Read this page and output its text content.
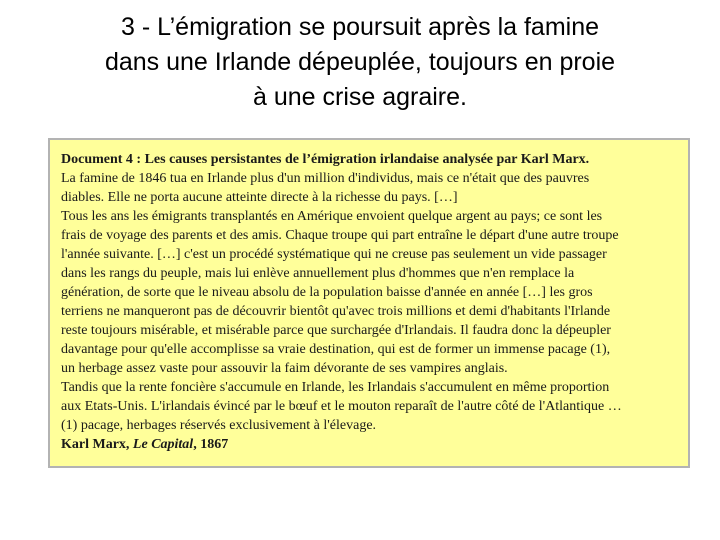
3 - L’émigration se poursuit après la famine
dans une Irlande dépeuplée, toujours en proie
à une crise agraire.
Document 4 : Les causes persistantes de l’émigration irlandaise analysée par Karl Marx.
La famine de 1846 tua en Irlande plus d'un million d'individus, mais ce n'était que des pauvres
diables. Elle ne porta aucune atteinte directe à la richesse du pays. […]
Tous les ans les émigrants transplantés en Amérique envoient quelque argent au pays; ce sont les
frais de voyage des parents et des amis. Chaque troupe qui part entraîne le départ d'une autre troupe
l'année suivante. […] c'est un procédé systématique qui ne creuse pas seulement un vide passager
dans les rangs du peuple, mais lui enlève annuellement plus d'hommes que n'en remplace la
génération, de sorte que le niveau absolu de la population baisse d'année en année […] les gros
terriens ne manqueront pas de découvrir bientôt qu'avec trois millions et demi d'habitants l'Irlande
reste toujours misérable, et misérable parce que surchargée d'Irlandais. Il faudra donc la dépeupler
davantage pour qu'elle accomplisse sa vraie destination, qui est de former un immense pacage (1),
un herbage assez vaste pour assouvir la faim dévorante de ses vampires anglais.
Tandis que la rente foncière s'accumule en Irlande, les Irlandais s'accumulent en même proportion
aux Etats-Unis. L'irlandais évincé par le bœuf et le mouton reparaît de l'autre côté de l'Atlantique …
(1) pacage, herbages réservés exclusivement à l'élevage.
Karl Marx, Le Capital, 1867
